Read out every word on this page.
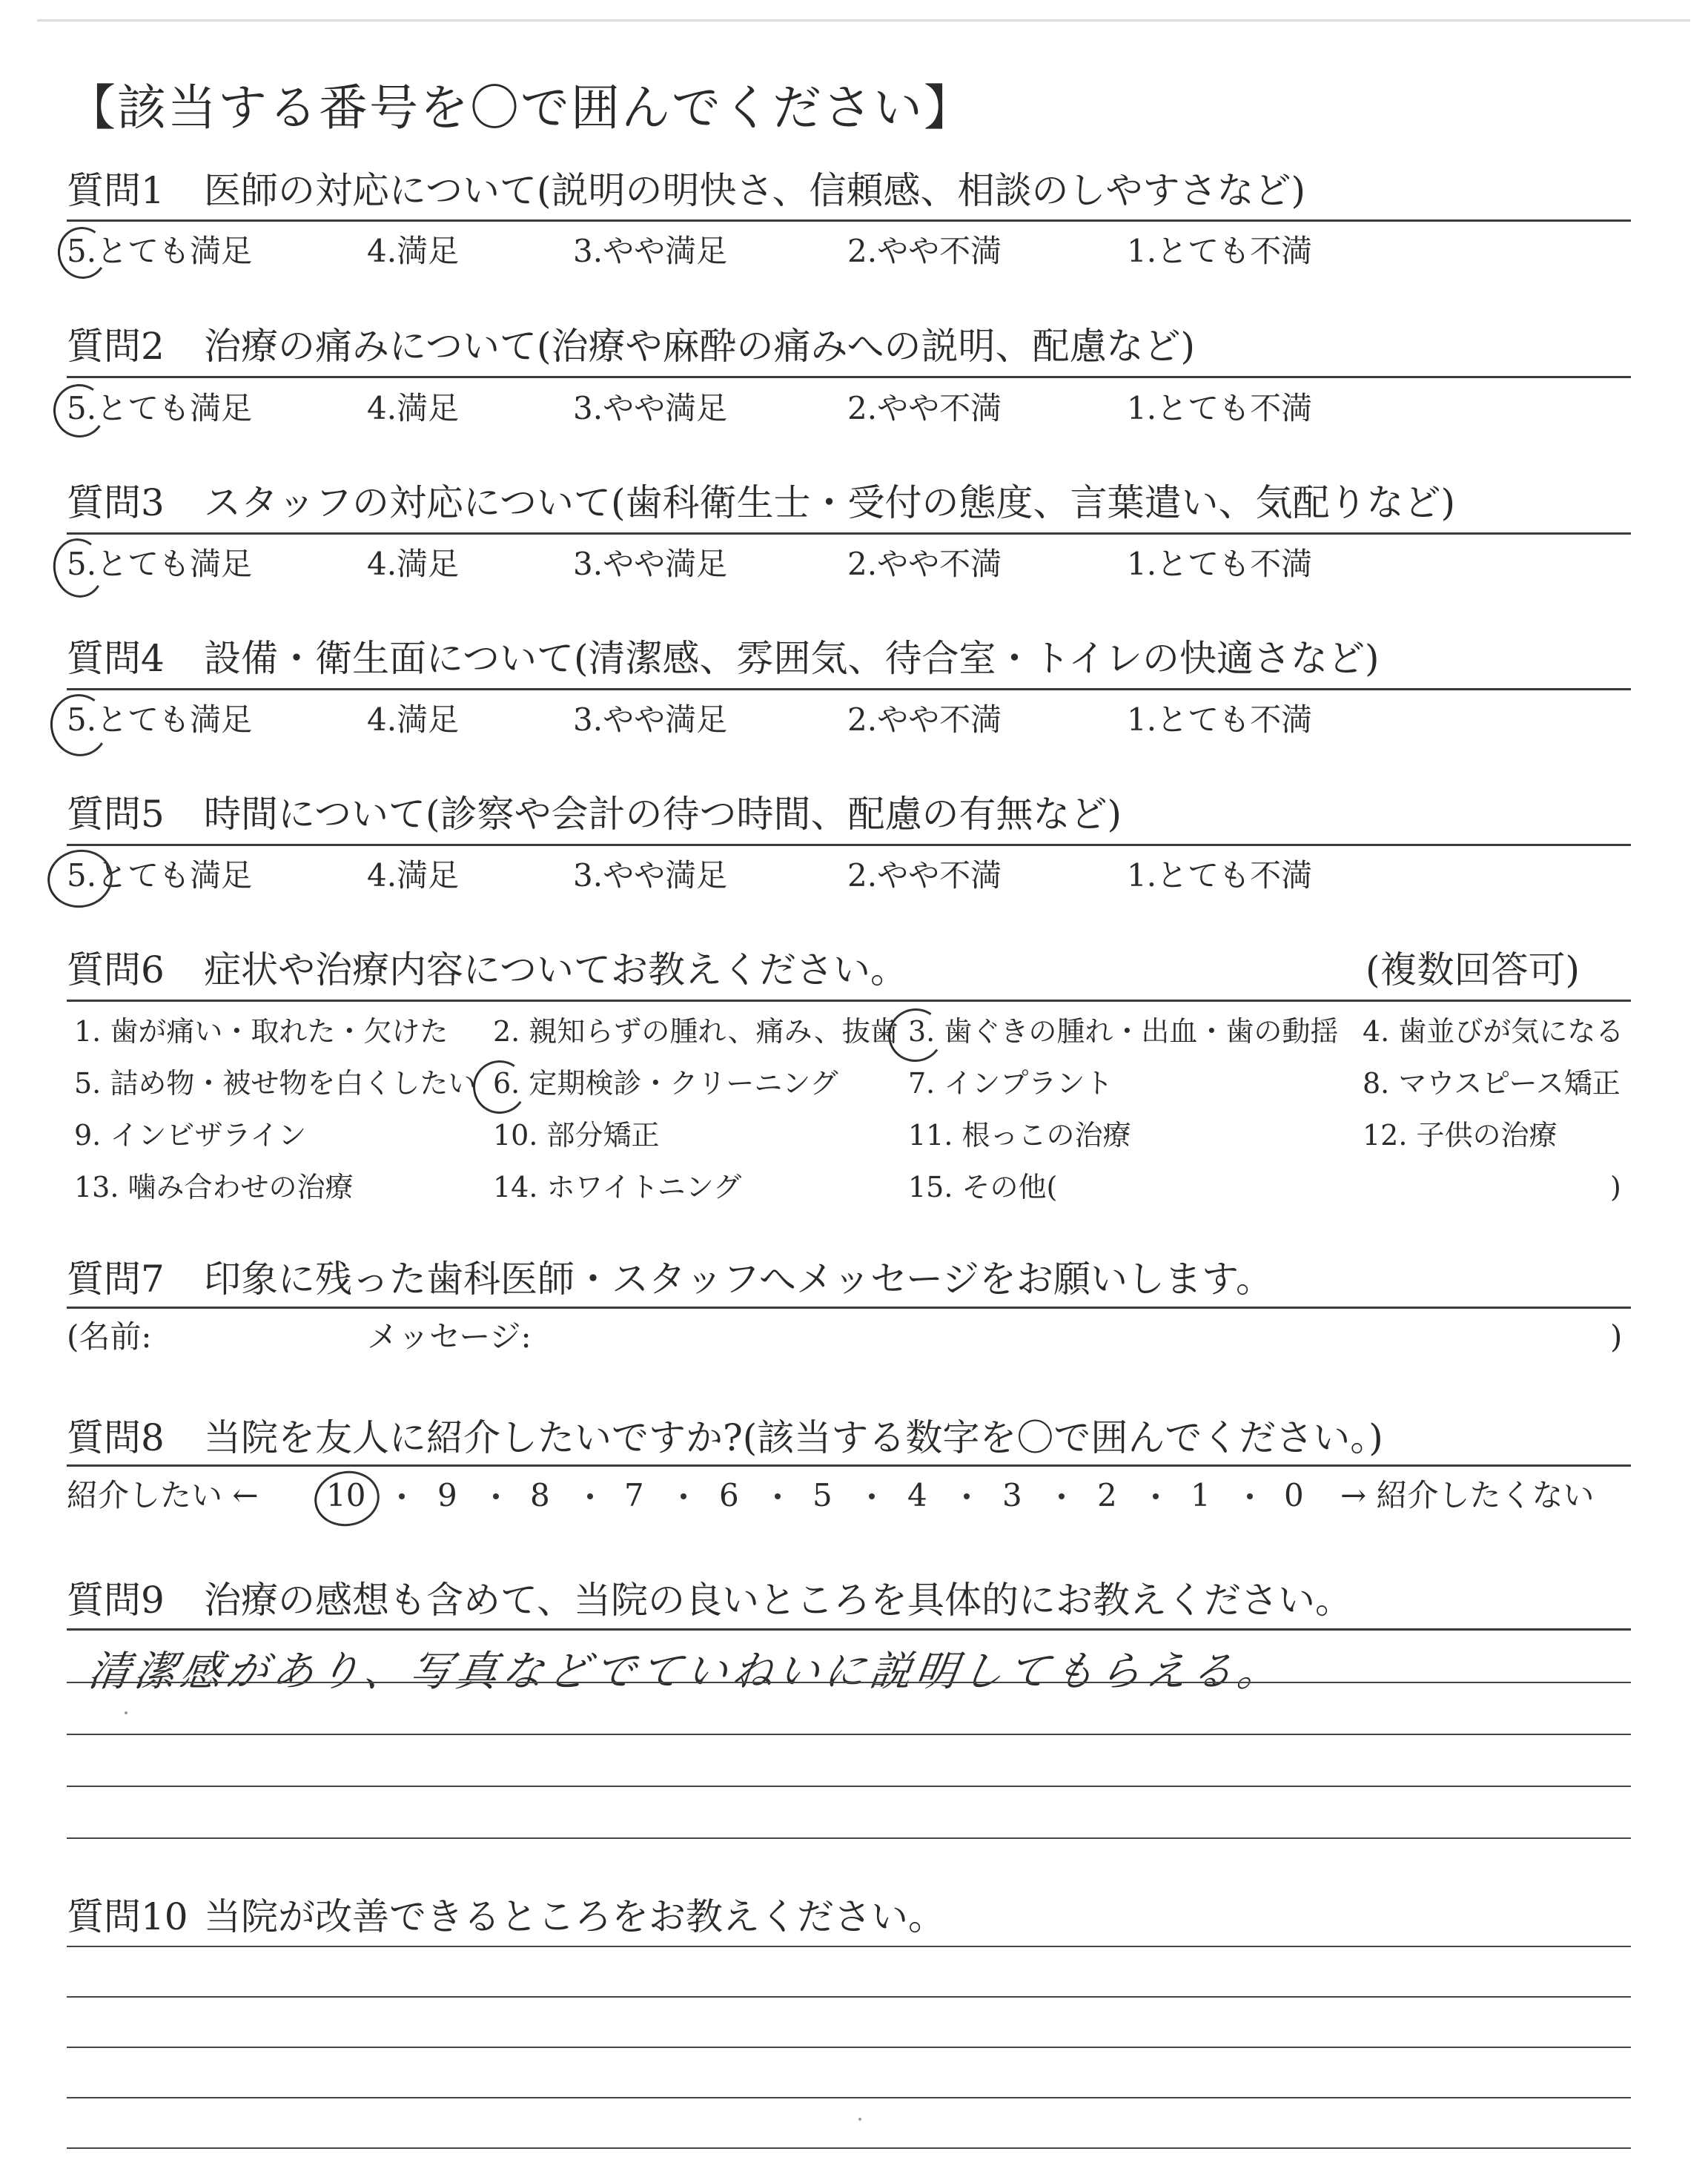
【該当する番号を〇で囲んでください】
質問1 医師の対応について(説明の明快さ、信頼感、相談のしやすさなど)
5.とても満足	4.満足	3.やや満足	2.やや不満	1.とても不満
質問2 治療の痛みについて(治療や麻酔の痛みへの説明、配慮など)
5.とても満足	4.満足	3.やや満足	2.やや不満	1.とても不満
質問3 スタッフの対応について(歯科衛生士・受付の態度、言葉遣い、気配りなど)
5.とても満足	4.満足	3.やや満足	2.やや不満	1.とても不満
質問4 設備・衛生面について(清潔感、雰囲気、待合室・トイレの快適さなど)
5.とても満足	4.満足	3.やや満足	2.やや不満	1.とても不満
質問5 時間について(診察や会計の待つ時間、配慮の有無など)
5.とても満足	4.満足	3.やや満足	2.やや不満	1.とても不満
質問6 症状や治療内容についてお教えください。	(複数回答可)
1. 歯が痛い・取れた・欠けた 2. 親知らずの腫れ、痛み、抜歯 3. 歯ぐきの腫れ・出血・歯の動揺 4. 歯並びが気になる
5. 詰め物・被せ物を白くしたい 6. 定期検診・クリーニング 7. インプラント	8. マウスピース矯正
9. インビザライン	10. 部分矯正	11. 根っこの治療	12. 子供の治療
13. 噛み合わせの治療	14. ホワイトニング	15. その他(	)
質問7 印象に残った歯科医師・スタッフへメッセージをお願いします。
(名前:	メッセージ:	)
質問8 当院を友人に紹介したいですか?(該当する数字を〇で囲んでください。)
紹介したい ←	→ 紹介したくない
10 9 8 7 6 5 4 3 2 1 0
質問9 治療の感想も含めて、当院の良いところを具体的にお教えください。
清潔感があり、写真などでていねいに説明してもらえる。
質問10 当院が改善できるところをお教えください。
